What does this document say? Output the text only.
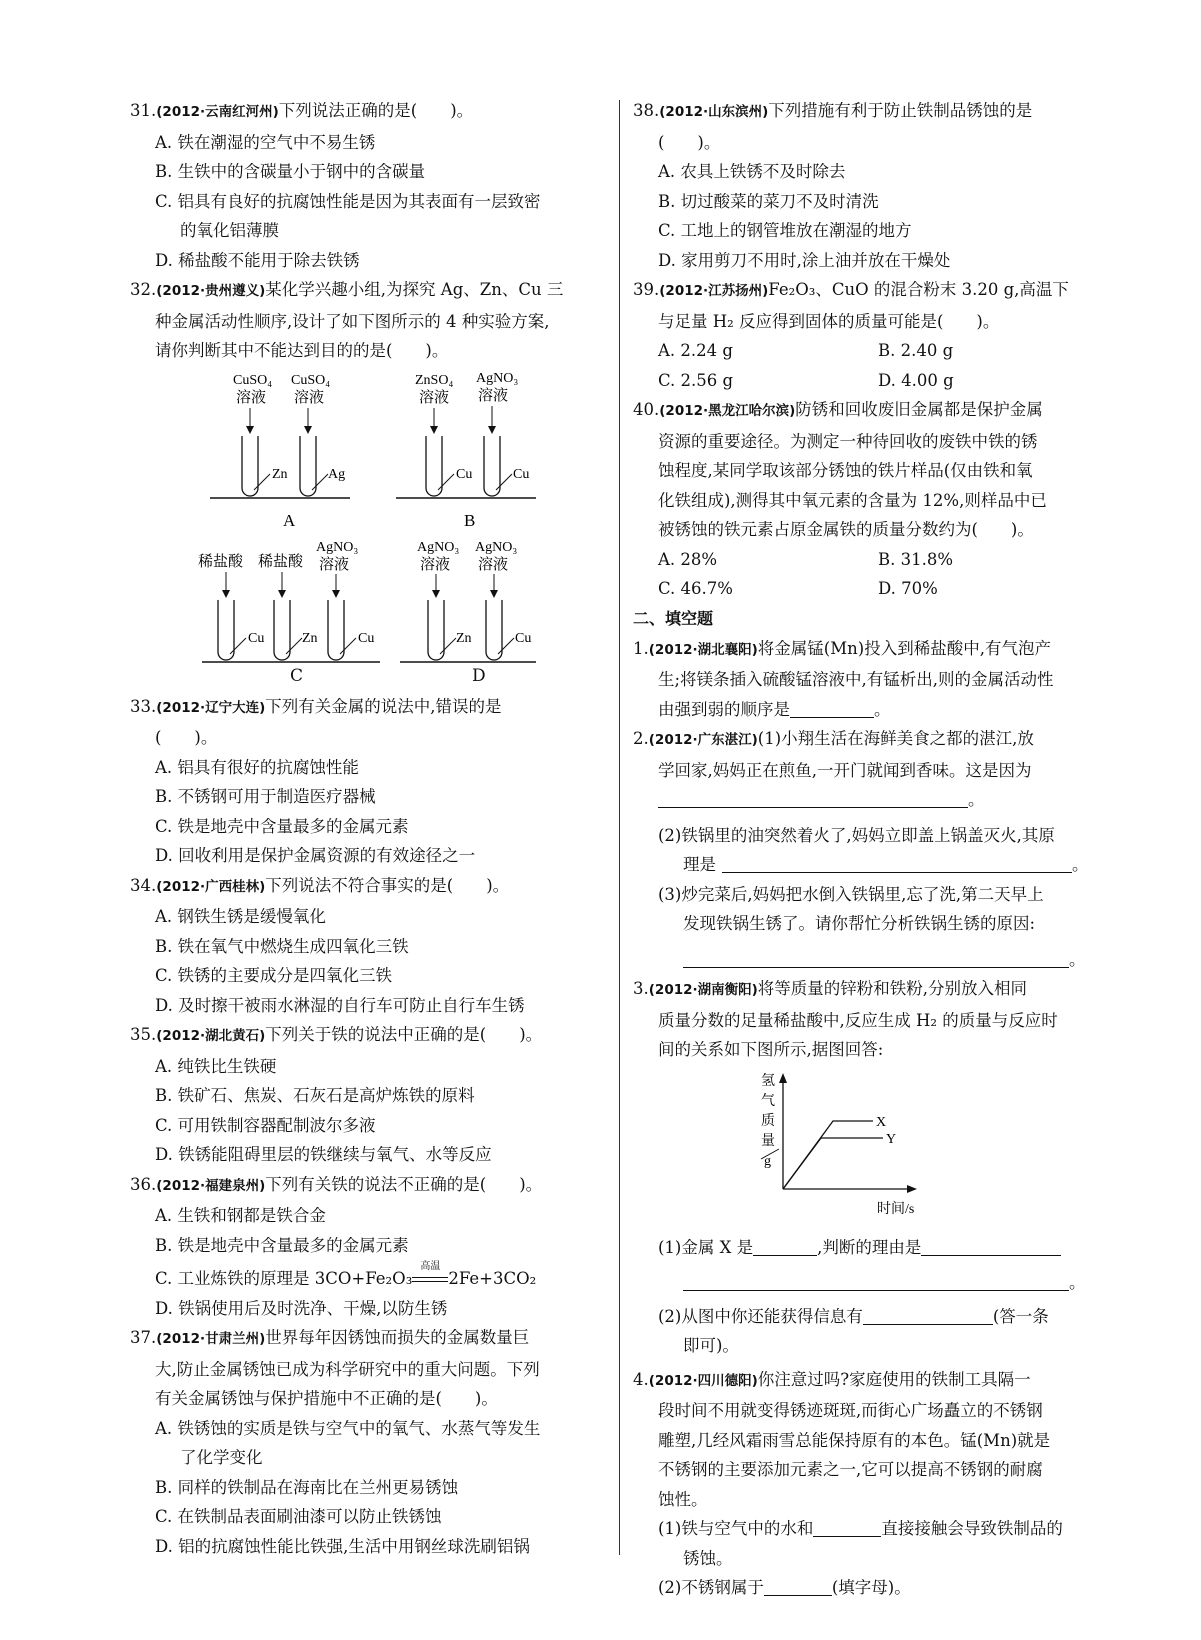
31.(2012·云南红河州)下列说法正确的是(　　)。
A. 铁在潮湿的空气中不易生锈
B. 生铁中的含碳量小于钢中的含碳量
C. 铝具有良好的抗腐蚀性能是因为其表面有一层致密
的氧化铝薄膜
D. 稀盐酸不能用于除去铁锈
32.(2012·贵州遵义)某化学兴趣小组,为探究 Ag、Zn、Cu 三
种金属活动性顺序,设计了如下图所示的 4 种实验方案,
请你判断其中不能达到目的的是(　　)。
CuSO₄
溶液
CuSO₄
溶液
Zn	Ag
A
ZnSO₄
溶液
AgNO₃
溶液
Cu	Cu
B
稀盐酸 稀盐酸
AgNO₃
溶液
Cu	Zn	Cu
AgNO₃
溶液
AgNO₃
溶液
Zn	Cu
C	D
33.(2012·辽宁大连)下列有关金属的说法中,错误的是
(　　)。
A. 铝具有很好的抗腐蚀性能
B. 不锈钢可用于制造医疗器械
C. 铁是地壳中含量最多的金属元素
D. 回收利用是保护金属资源的有效途径之一
34.(2012·广西桂林)下列说法不符合事实的是(　　)。
A. 钢铁生锈是缓慢氧化
B. 铁在氧气中燃烧生成四氧化三铁
C. 铁锈的主要成分是四氧化三铁
D. 及时擦干被雨水淋湿的自行车可防止自行车生锈
35.(2012·湖北黄石)下列关于铁的说法中正确的是(　　)。
A. 纯铁比生铁硬
B. 铁矿石、焦炭、石灰石是高炉炼铁的原料
C. 可用铁制容器配制波尔多液
D. 铁锈能阻碍里层的铁继续与氧气、水等反应
36.(2012·福建泉州)下列有关铁的说法不正确的是(　　)。
A. 生铁和钢都是铁合金
B. 铁是地壳中含量最多的金属元素
C. 工业炼铁的原理是 3CO+Fe₂O₃
高温
2Fe+3CO₂
D. 铁锅使用后及时洗净、干燥,以防生锈
37.(2012·甘肃兰州)世界每年因锈蚀而损失的金属数量巨
大,防止金属锈蚀已成为科学研究中的重大问题。下列
有关金属锈蚀与保护措施中不正确的是(　　)。
A. 铁锈蚀的实质是铁与空气中的氧气、水蒸气等发生
了化学变化
B. 同样的铁制品在海南比在兰州更易锈蚀
C. 在铁制品表面刷油漆可以防止铁锈蚀
D. 铝的抗腐蚀性能比铁强,生活中用钢丝球洗刷铝锅
38.(2012·山东滨州)下列措施有利于防止铁制品锈蚀的是
(　　)。
A. 农具上铁锈不及时除去
B. 切过酸菜的菜刀不及时清洗
C. 工地上的钢管堆放在潮湿的地方
D. 家用剪刀不用时,涂上油并放在干燥处
39.(2012·江苏扬州)Fe₂O₃、CuO 的混合粉末 3.20 g,高温下
与足量 H₂ 反应得到固体的质量可能是(　　)。
A. 2.24 g	B. 2.40 g
C. 2.56 g	D. 4.00 g
40.(2012·黑龙江哈尔滨)防锈和回收废旧金属都是保护金属
资源的重要途径。为测定一种待回收的废铁中铁的锈
蚀程度,某同学取该部分锈蚀的铁片样品(仅由铁和氧
化铁组成),测得其中氧元素的含量为 12%,则样品中已
被锈蚀的铁元素占原金属铁的质量分数约为(　　)。
A. 28%	B. 31.8%
C. 46.7%	D. 70%
二、填空题
1.(2012·湖北襄阳)将金属锰(Mn)投入到稀盐酸中,有气泡产
生;将镁条插入硫酸锰溶液中,有锰析出,则的金属活动性
由强到弱的顺序是	。
2.(2012·广东湛江)(1)小翔生活在海鲜美食之都的湛江,放
学回家,妈妈正在煎鱼,一开门就闻到香味。这是因为
。
(2)铁锅里的油突然着火了,妈妈立即盖上锅盖灭火,其原
理是	。
(3)炒完菜后,妈妈把水倒入铁锅里,忘了洗,第二天早上
发现铁锅生锈了。请你帮忙分析铁锅生锈的原因:
。
3.(2012·湖南衡阳)将等质量的锌粉和铁粉,分别放入相同
质量分数的足量稀盐酸中,反应生成 H₂ 的质量与反应时
间的关系如下图所示,据图回答:
氢
气
质
量
g
X
Y
时间/s
(1)金属 X 是	,判断的理由是
。
(2)从图中你还能获得信息有	(答一条
即可)。
4.(2012·四川德阳)你注意过吗?家庭使用的铁制工具隔一
段时间不用就变得锈迹斑斑,而街心广场矗立的不锈钢
雕塑,几经风霜雨雪总能保持原有的本色。锰(Mn)就是
不锈钢的主要添加元素之一,它可以提高不锈钢的耐腐
蚀性。
(1)铁与空气中的水和	直接接触会导致铁制品的
锈蚀。
(2)不锈钢属于	(填字母)。
